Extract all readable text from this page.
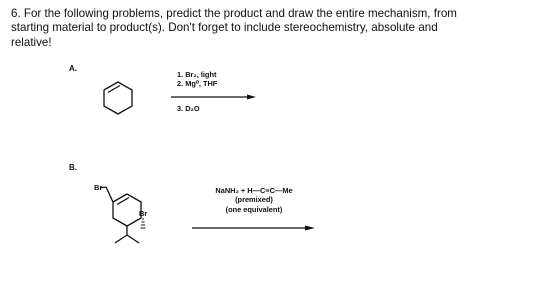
6. For the following problems, predict the product and draw the entire mechanism, from
starting material to product(s). Don't forget to include stereochemistry, absolute and
relative!
A.
1. Br₂, light
2. Mg⁰, THF
3. D₂O
B.
NaNH₂ + H—C≡C—Me
(premixed)
(one equivalent)
Br
Br
